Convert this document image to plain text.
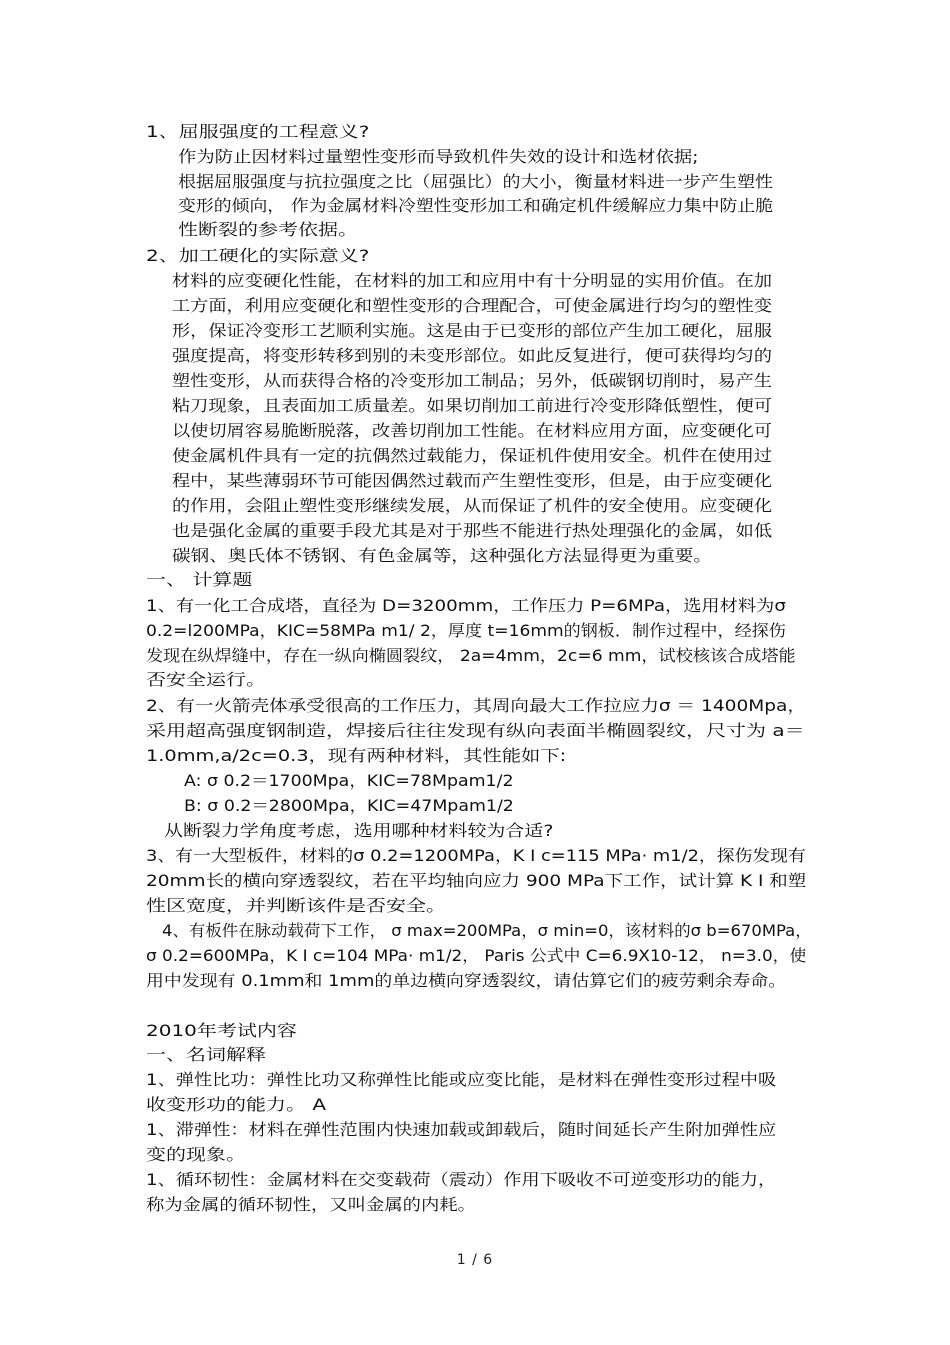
1、屈服强度的工程意义?
作为防止因材料过量塑性变形而导致机件失效的设计和选材依据;
根据屈服强度与抗拉强度之比（屈强比）的大小，衡量材料进一步产生塑性
变形的倾向， 作为金属材料冷塑性变形加工和确定机件缓解应力集中防止脆
性断裂的参考依据。
2、加工硬化的实际意义?
材料的应变硬化性能，在材料的加工和应用中有十分明显的实用价值。在加
工方面，利用应变硬化和塑性变形的合理配合，可使金属进行均匀的塑性变
形，保证冷变形工艺顺利实施。这是由于已变形的部位产生加工硬化，屈服
强度提高，将变形转移到别的未变形部位。如此反复进行，便可获得均匀的
塑性变形，从而获得合格的冷变形加工制品；另外，低碳钢切削时，易产生
粘刀现象，且表面加工质量差。如果切削加工前进行冷变形降低塑性，便可
以使切屑容易脆断脱落，改善切削加工性能。在材料应用方面，应变硬化可
使金属机件具有一定的抗偶然过载能力，保证机件使用安全。机件在使用过
程中，某些薄弱环节可能因偶然过载而产生塑性变形，但是，由于应变硬化
的作用，会阻止塑性变形继续发展，从而保证了机件的安全使用。应变硬化
也是强化金属的重要手段尤其是对于那些不能进行热处理强化的金属，如低
碳钢、奥氏体不锈钢、有色金属等，这种强化方法显得更为重要。
一、 计算题
1、有一化工合成塔，直径为 D=3200mm，工作压力 P=6MPa，选用材料为σ
0.2=l200MPa，KIC=58MPa m1∕ 2，厚度 t=16mm的钢板．制作过程中，经探伤
发现在纵焊缝中，存在一纵向椭圆裂纹， 2a=4mm，2c=6 mm，试校核该合成塔能
否安全运行。
2、有一火箭壳体承受很高的工作压力，其周向最大工作拉应力σ ＝ 1400Mpa，
采用超高强度钢制造，焊接后往往发现有纵向表面半椭圆裂纹，尺寸为 a＝
1.0mm,a/2c=0.3，现有两种材料，其性能如下:
A: σ 0.2＝1700Mpa，KIC=78Mpam1/2
B: σ 0.2＝2800Mpa，KIC=47Mpam1/2
从断裂力学角度考虑，选用哪种材料较为合适?
3、有一大型板件，材料的σ 0.2=1200MPa，K I c=115 MPa· m1/2，探伤发现有
20mm长的横向穿透裂纹，若在平均轴向应力 900 MPa下工作，试计算 K I 和塑
性区宽度，并判断该件是否安全。
4、有板件在脉动载荷下工作， σ max=200MPa，σ min=0，该材料的σ b=670MPa，
σ 0.2=600MPa，K I c=104 MPa· m1/2， Paris 公式中 C=6.9X10-12， n=3.0，使
用中发现有 0.1mm和 1mm的单边横向穿透裂纹，请估算它们的疲劳剩余寿命。
2010年考试内容
一、名词解释
1、弹性比功：弹性比功又称弹性比能或应变比能，是材料在弹性变形过程中吸
收变形功的能力。 A
1、滞弹性：材料在弹性范围内快速加载或卸载后，随时间延长产生附加弹性应
变的现象。
1、循环韧性：金属材料在交变载荷（震动）作用下吸收不可逆变形功的能力，
称为金属的循环韧性，又叫金属的内耗。
1 / 6
